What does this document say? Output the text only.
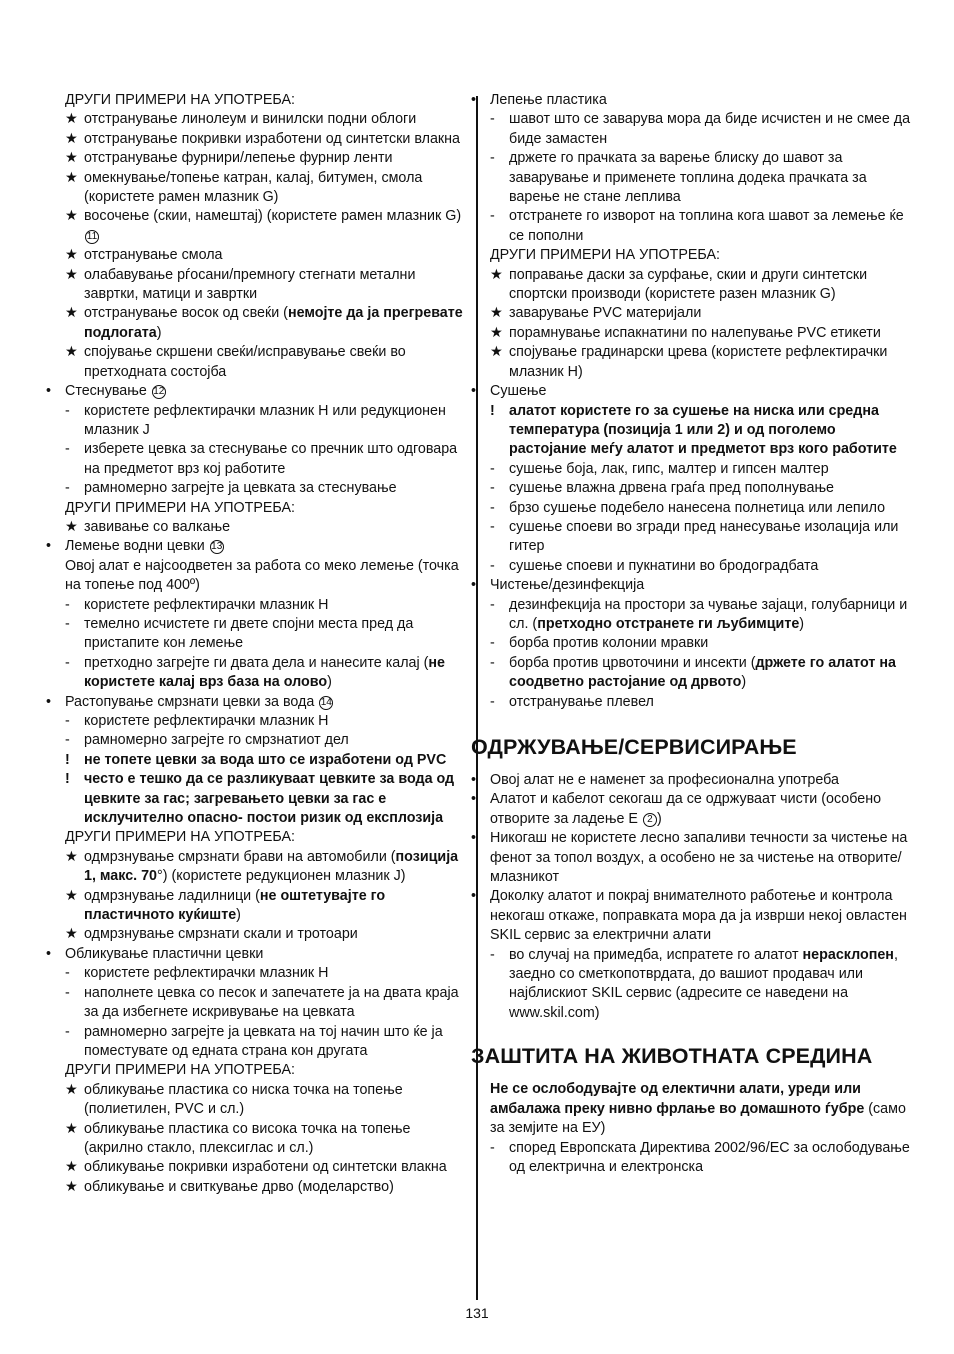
ДРУГИ ПРИМЕРИ НА УПОТРЕБА:
★ отстранување линолеум и винилски подни облоги
★ отстранување покривки изработени од синтетски влакна
★ отстранување фурнири/лепење фурнир ленти
★ омекнување/топење катран, калај, битумен, смола (користете рамен млазник G)
★ восочење (скии, намештај) (користете рамен млазник G) 11
★ отстранување смола
★ олабавување рѓосани/премногу стегнати метални завртки, матици и завртки
★ отстранување восок од свеќи (немојте да ја прегревате подлогата)
★ спојување скршени свеќи/исправување свеќи во претходната состојба
• Стеснување 12
- користете рефлектирачки млазник H или редукционен млазник J
- изберете цевка за стеснување со пречник што одговара на предметот врз кој работите
- рамномерно загрејте ја цевката за стеснување
ДРУГИ ПРИМЕРИ НА УПОТРЕБА:
★ завивање со валкање
• Лемење водни цевки 13
Овој алат е најсоодветен за работа со меко лемење (точка на топење под 400º)
- користете рефлектирачки млазник H
- темелно исчистете ги двете спојни места пред да пристапите кон лемење
- претходно загрејте ги двата дела и нанесите калај (не користете калај врз база на олово)
• Растопување смрзнати цевки за вода 14
- користете рефлектирачки млазник H
- рамномерно загрејте го смрзнатиот дел
! не топете цевки за вода што се изработени од PVC
! често е тешко да се разликуваат цевките за вода од цевките за гас; загревањето цевки за гас е исклучително опасно- постои ризик од експлозија
ДРУГИ ПРИМЕРИ НА УПОТРЕБА:
★ одмрзнување смрзнати брави на автомобили (позиција 1, макс. 70°) (користете редукционен млазник J)
★ одмрзнување ладилници (не оштетувајте го пластичното куќиште)
★ одмрзнување смрзнати скали и тротоари
• Обликување пластични цевки
- користете рефлектирачки млазник H
- наполнете цевка со песок и запечатете ја на двата краја за да избегнете искривување на цевката
- рамномерно загрејте ја цевката на тој начин што ќе ја поместувате од едната страна кон другата
ДРУГИ ПРИМЕРИ НА УПОТРЕБА:
★ обликување пластика со ниска точка на топење (полиетилен, PVC и сл.)
★ обликување пластика со висока точка на топење (акрилно стакло, плексиглас и сл.)
★ обликување покривки изработени од синтетски влакна
★ обликување и свиткување дрво (моделарство)
• Лепење пластика
- шавот што се заварува мора да биде исчистен и не смее да биде замастен
- држете го прачката за варење блиску до шавот за заварување и применете топлина додека прачката за варење не стане леплива
- отстранете го изворот на топлина кога шавот за лемење ќе се пополни
ДРУГИ ПРИМЕРИ НА УПОТРЕБА:
★ поправање даски за сурфање, скии и други синтетски спортски производи (користете разен млазник G)
★ заварување PVC материјали
★ порамнување испакнатини по налепување PVC етикети
★ спојување градинарски црева (користете рефлектирачки млазник H)
• Сушење
! алатот користете го за сушење на ниска или средна температура (позиција 1 или 2) и од поголемо растојание меѓу алатот и предметот врз кого работите
- сушење боја, лак, гипс, малтер и гипсен малтер
- сушење влажна дрвена граѓа пред пополнување
- брзо сушење подебело нанесена полнетица или лепило
- сушење споеви во згради пред нанесување изолација или гитер
- сушење споеви и пукнатини во бродоградбата
• Чистење/дезинфекција
- дезинфекција на простори за чување зајаци, голубарници и сл. (претходно отстранете ги љубимците)
- борба против колонии мравки
- борба против црвоточини и инсекти (држете го алатот на соодветно растојание од дрвото)
- отстранување плевел
ОДРЖУВАЊЕ/СЕРВИСИРАЊЕ
• Овој алат не е наменет за професионална употреба
• Алатот и кабелот секогаш да се одржуваат чисти (особено отворите за ладење E 2 )
• Никогаш не користете лесно запаливи течности за чистење на фенот за топол воздух, а особено не за чистење на отворите/млазникот
• Доколку алатот и покрај внимателното работење и контрола некогаш откаже, поправката мора да ја изврши некој овластен SKIL сервис за електрични алати
- во случај на примедба, испратете го алатот нерасклопен, заедно со сметкопотврдата, до вашиот продавач или најблискиот SKIL сервис (адресите се наведени на www.skil.com)
ЗАШТИТА НА ЖИВОТНАТА СРЕДИНА
Не се ослободувајте од електични алати, уреди или амбалажа преку нивно фрлање во домашното ѓубре (само за земјите на ЕУ)
- според Европската Директива 2002/96/ЕС за ослободување од електрична и електронска
131
